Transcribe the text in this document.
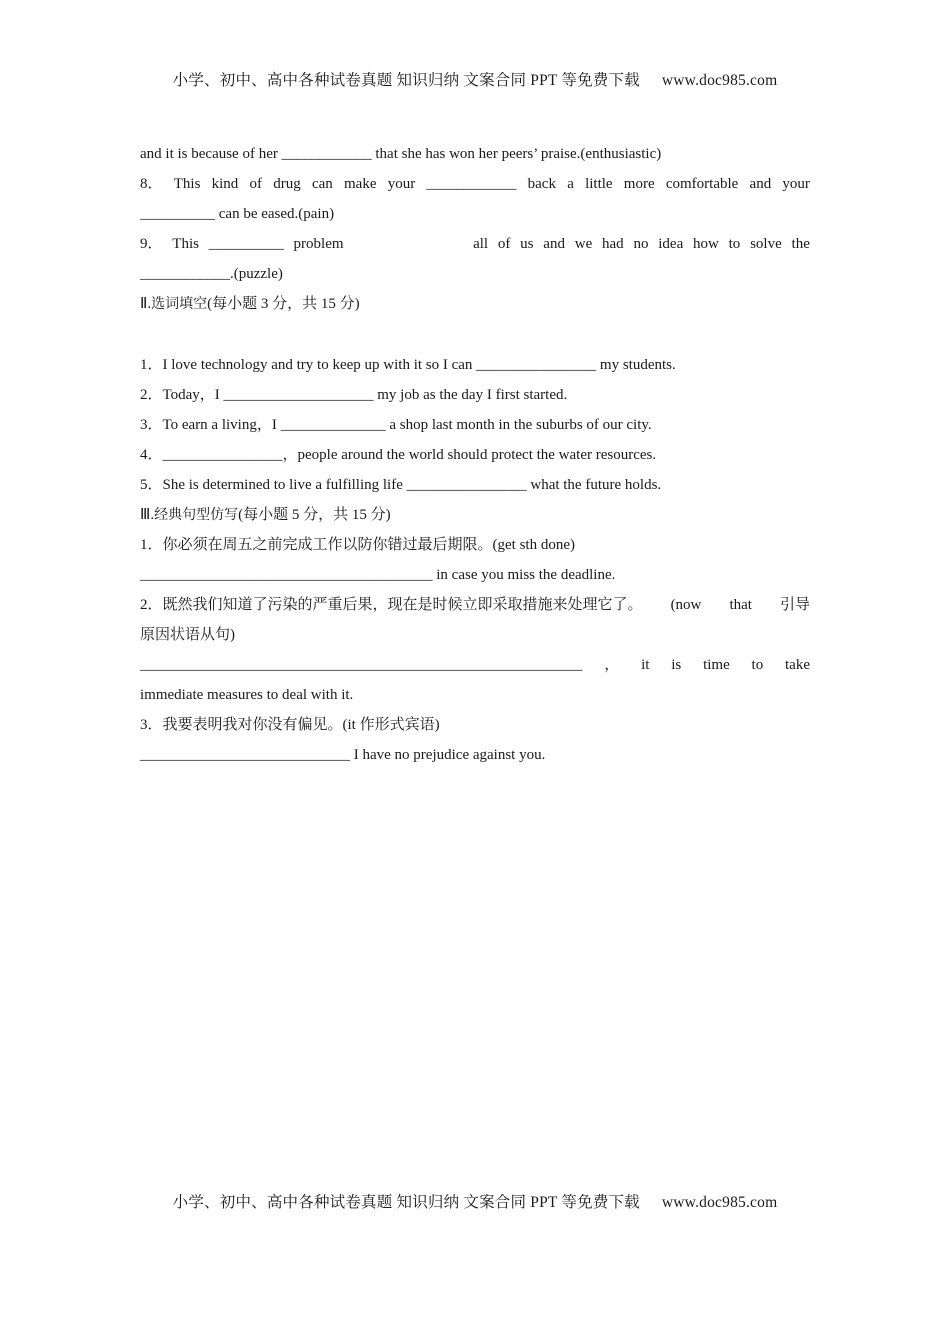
小学、初中、高中各种试卷真题 知识归纳 文案合同 PPT 等免费下载 www.doc985.com
and it is because of her ____________ that she has won her peers’ praise.(enthusiastic)
8． This kind of drug can make your ____________ back a little more comfortable and your
__________ can be eased.(pain)
9． This __________ problem	all of us and we had no idea how to solve the
____________.(puzzle)
Ⅱ.选词填空(每小题 3 分，共 15 分)
1．I love technology and try to keep up with it so I can ________________ my students.
2．Today，I ____________________ my job as the day I first started.
3．To earn a living，I ______________ a shop last month in the suburbs of our city.
4．________________，people around the world should protect the water resources.
5．She is determined to live a fulfilling life ________________ what the future holds.
Ⅲ.经典句型仿写(每小题 5 分，共 15 分)
1．你必须在周五之前完成工作以防你错过最后期限。(get sth done)
_______________________________________ in case you miss the deadline.
2．既然我们知道了污染的严重后果，现在是时候立即采取措施来处理它了。 (now that 引导
原因状语从句)
___________________________________________________________ ， it is time to take
immediate measures to deal with it.
3．我要表明我对你没有偏见。(it 作形式宾语)
____________________________ I have no prejudice against you.
小学、初中、高中各种试卷真题 知识归纳 文案合同 PPT 等免费下载 www.doc985.com
